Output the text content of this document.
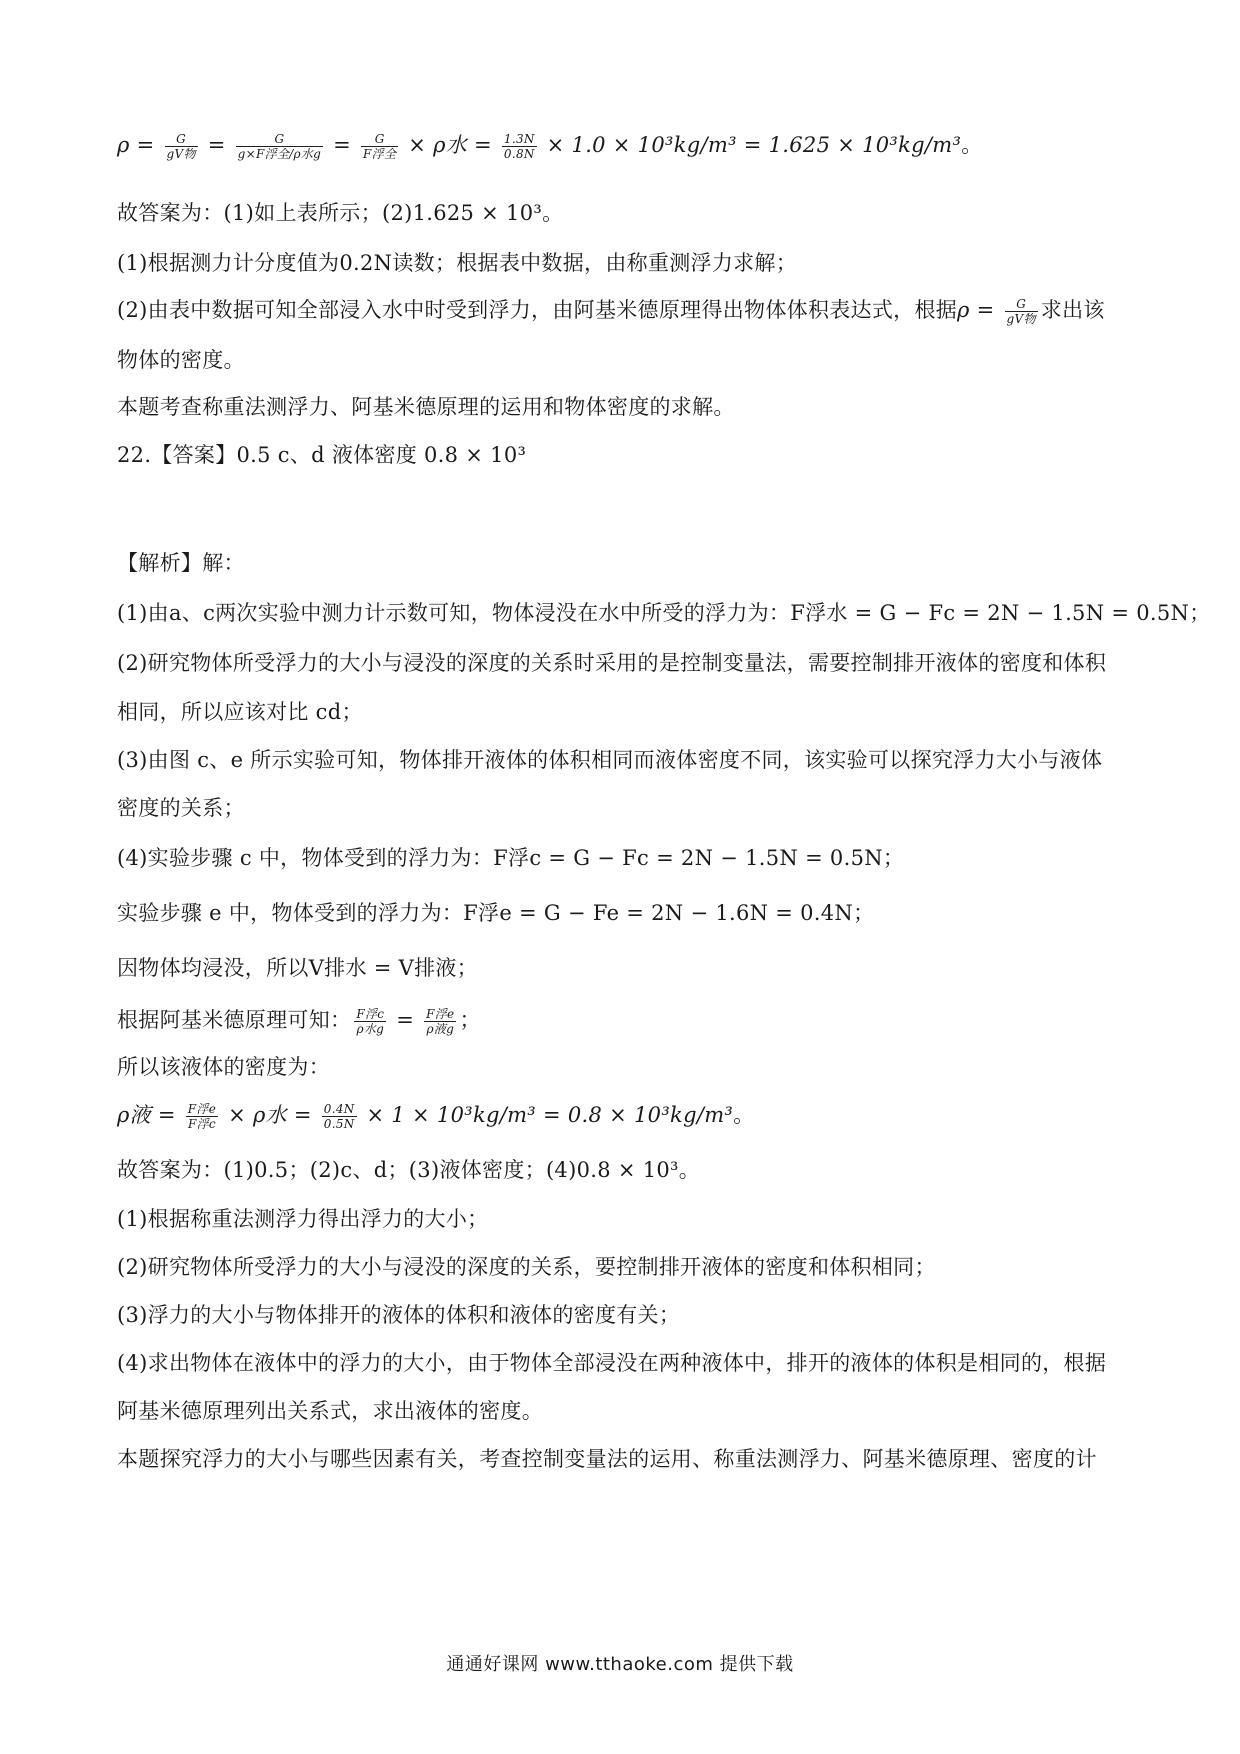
$\rho = \frac{G}{\text{gV物}} = \frac{G}{\text{g×F浮全/ρ水g}} = \frac{G}{\text{F浮全}} \times \rho$水 = $\frac{1.3N}{0.8N} \times 1.0 \times 10^3kg/m^3 = 1.625 \times 10^3kg/m^3$。
故答案为：(1)如上表所示；(2)1.625 × 10³。
(1)根据测力计分度值为0.2N读数；根据表中数据，由称重测浮力求解；
(2)由表中数据可知全部浸入水中时受到浮力，由阿基米德原理得出物体体积表达式，根据$\rho = \frac{G}{\text{gV物}}$ 求出该
物体的密度。
本题考查称重法测浮力、阿基米德原理的运用和物体密度的求解。
22.【答案】0.5 c、d 液体密度 0.8 × 10³
【解析】解：
(1)由a、c两次实验中测力计示数可知，物体浸没在水中所受的浮力为：F浮水 = G − Fc = 2N − 1.5N = 0.5N；
(2)研究物体所受浮力的大小与浸没的深度的关系时采用的是控制变量法，需要控制排开液体的密度和体积
相同，所以应该对比 cd；
(3)由图 c、e 所示实验可知，物体排开液体的体积相同而液体密度不同，该实验可以探究浮力大小与液体
密度的关系；
(4)实验步骤 c 中，物体受到的浮力为：F浮c = G − Fc = 2N − 1.5N = 0.5N；
实验步骤 e 中，物体受到的浮力为：F浮e = G − Fe = 2N − 1.6N = 0.4N；
因物体均浸没，所以V排水 = V排液；
根据阿基米德原理可知： $\frac{\text{F浮c}}{\text{ρ水g}} = \frac{\text{F浮e}}{\text{ρ液g}}$ ；
所以该液体的密度为：
ρ液 = $\frac{\text{F浮e}}{\text{F浮c}} \times \rho$水 = $\frac{0.4N}{0.5N} \times 1 \times 10^3kg/m^3 = 0.8 \times 10^3kg/m^3$。
故答案为：(1)0.5；(2)c、d；(3)液体密度；(4)0.8 × 10³。
(1)根据称重法测浮力得出浮力的大小；
(2)研究物体所受浮力的大小与浸没的深度的关系，要控制排开液体的密度和体积相同；
(3)浮力的大小与物体排开的液体的体积和液体的密度有关；
(4)求出物体在液体中的浮力的大小，由于物体全部浸没在两种液体中，排开的液体的体积是相同的，根据
阿基米德原理列出关系式，求出液体的密度。
本题探究浮力的大小与哪些因素有关，考查控制变量法的运用、称重法测浮力、阿基米德原理、密度的计
通通好课网 www.tthaoke.com 提供下载
